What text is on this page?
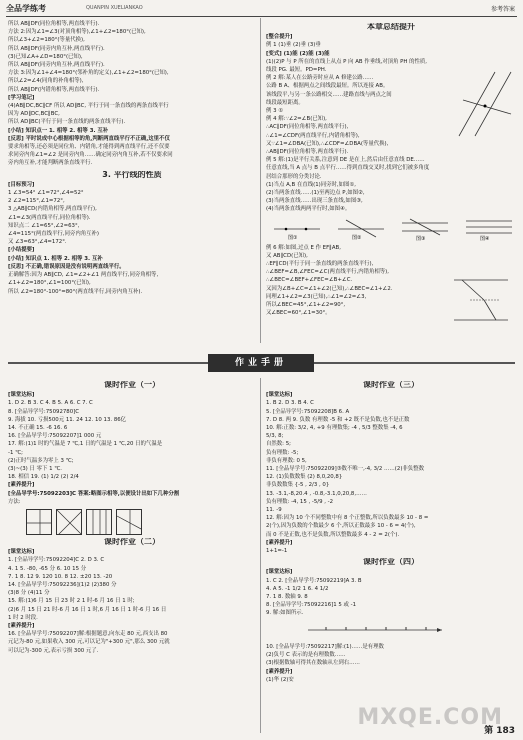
全品学练考	QUANPIN XUELIANKAO	参考答案

所以 AB∥DF(同位角相等,两直线平行).

方法 2:因为∠1=∠3(对顶角相等),∠1+∠2=180°(已知),

所以∠3+∠2=180°(等量代换),

所以 AB∥DF(同旁内角互补,两直线平行).

(3)已知∠A+∠D=180°(已知),

所以 AB∥DF(同旁内角互补,两直线平行).

方法 3:因为∠1+∠4=180°(邻补角的定义),∠1+∠2=180°(已知),

所以∠2=∠4(同角的补角相等),

所以 AB∥DF(内错角相等,两直线平行).

[学习笔记]

(4)AB∥DC,BC∥CF 所以 AD∥BC, 平行于同一条直线的两条直线平行

因为 AD∥DC,BC∥BC,

所以 AD∥BC(平行于同一条直线的两条直线平行).

[小结] 知识点一 1. 相等 2. 相等 3. 互补

[反思] 平时说成中心根据相等的角,判断两直线平行不正确,这里不仅

要求角相等,还必须是同位角、内错角,才能得到两直线平行,还不仅要

求同旁内角∠1=∠2 是同旁内角……确定同旁内角互补,若不仅要求同

旁内角互补,才能判断两条直线平行.

3. 平行线的性质

[目标预习]

1 ∠3=54° ∠1=72°,∠4=52°

2 ∠2=115°,∠1=72°,

3 △AB∥CD(内错角相等,两直线平行),

∠1=∠3(两直线平行,同位角相等).

知识点二 ∠1=65°,∠2=63°,

∠4=115°(两直线平行,同旁内角互补)

又 ∠3=63°,∠4=172°.

[小结提要]

[小结] 知识点 1. 相等 2. 相等 3. 互补

[反思] 不正确,错误原因是没有说明两直线平行。

正确解答:因为 AB∥CD, ∠1=∠2+∠1 两直线平行,同旁角相等,

∠1+∠2=180°,∠1=100°(已知),

所以 ∠2=180°-100°=80°(两直线平行,同旁内角互补).

本章总结提升

[整合提升]

例 1 (1)垂 (2)垂 (3)垂

[变式] (1)能 (2)能 (3)能

(1)(2)P 与 P 所在的直线上从点 P 向 AB 作垂线,对顶角 PH 的性质,

线段 PG. 最短。PD=PH.

例 2 解:某人在公路旁时应从 A 修建公路……

公路 B A、根据两点之间线段最短。所以连接 AB。

该线段平,与另一条公路相交……建路直线与两点之间

线段最短距离。

例 3 ①

例 4 解:∵∠2=∠B(已知),

∴AC∥DF(同位角相等,两直线平行),

∴∠1=∠CDF(两直线平行,内错角相等),

又∵∠1=∠DBA(已知),∴∠CDF=∠DBA(等量代换),

∴AB∥DF(同位角相等,两直线平行).

例 5 解:(1)是平行关系,注意到 DE 是在上,然后由任意直线 DE……

任意直线,当 A 点与 B 点平行……得到直线交叉时,找到它们被多角度

居结合那形的分类讨论.

(1)当点 A,B 在直线(1)同旁时,如图①,

(2)当两条直线……(1)至两边点 P,如图②,

(3)当两条直线……出现三条直线,如图③,

(4)当两条直线两两平行时,如图④。

图①	图②	图③	图④

例 6 解:如图,过点 E 作 EF∥AB,

又 AB∥CD(已知),

∴EF∥CD(平行于同一条直线的两条直线平行),

∴∠BEF=∠B,∠FEC=∠C(两直线平行,内错角相等),

∴∠BEC=∠BEF+∠FEC=∠B+∠C.

又因为∠B+∠C=∠1+∠2(已知),∴∠BEC=∠1+∠2.

同理∠1+∠2=∠3(已知),∴∠1=∠2=∠3,

所以∠BEC=45°,∠1+∠2=90°,

又∠BEC=60°,∠1=30°。

作业手册

课时作业（一）

[课堂达标]

1. D 2. B 3. C 4. B 5. A 6. C 7. C

8. [全品导学号:75092780]C

9. 海拔 10. 亏损500元 11. 24 12. 10 13. 86亿

14. 不正确 15. -6 16. 6

16. [全品导学号:75092207]1 000 元

17. 解:(1)1 时的气温是 7 ℃,1 日的气温是 1 ℃,20 日的气温是

-1 ℃;

(2)正时气温多为零上 3 ℃;

(3)~(3) 日 零下 1 ℃.

18. 相信 19. (1) 1/2 (2) 2/4

[素养提升]

[全品导学号:75092203]C 答案:略图示相等,以便设计出如下几种分割

方法:

课时作业（二）

[课堂达标]

1. [全品导学号:75092204]C 2. D 3. C

4. 1 5. -80, -65 分 6. 10 15 分

7. 1 8. 12 9. 120 10. 8 12. ±20 13. -20

14. [全品导学号:75092236](1)2 (2)380 分

(3)8 分 (4)11 分

15. 解:(1)6 月 15 日 23 时 2 1 时-6 月 16 日 1 时;

(2)6 月 15 日 21 时-6 月 16 日 1 时,6 月 16 日 1 时-6 月 16 日

1 时 2 时段.

[素养提升]

16. [全品导学号:75092207]解:根据题意,向东走 80 元,西支出 80

元记为-80 元,如果收入 300 元,可以记为"+300 元",那么 300 元就

可以记为-300 元,表示亏损 300 元了.

课时作业（三）

[课堂达标]

1. B 2. D 3. B 4. C

5. [全品导学号:75092208]B 6. A

7. D 8. 两 9. 负数 有理数 -5 和 +2 既不是负数,也不是正数

10. 解:正数: 3/2, 4, +9 有理数集; -4 , 5/3 整数集 -4, 6

5/3, 8;

自然数: 5;

负有理数: -5;

非负有理数: 0 5,

11. [全品导学号:75092209]③数不唯一,-4, 3/2 ……(2)非负整数

12. (1)负数数集 (2) 8,0,20,8}

非负数数集 {-5 , 2/3 , 0}

13. -3.1,-8,20.4 , -0.8,-3.1,0,20,8,……

负有理数: -4, 15 , -5/9 , -2

11. -9

12. 解:因为 10 个不同整数中有 8 个正整数,所以负数最多 10 - 8 =

2(个),因为负数的个数最少 6 个,所以正数最多 10 - 6 = 4(个),

而 0 不是正数,也不是负数,所以整数最多 4 - 2 = 2(个).

[素养提升]

1+1=-1

课时作业（四）

[课堂达标]

1. C 2. [全品导学号:75092219]A 3. B

4. A 5. -1 1/2 1 6. 4 1/2

7. 1 8. 数轴 9. 8

8. [全品导学号:75092216]1 5 或 -1

9. 解:如图所示.

10. [全品导学号:75092217]解:(1)……是有理数

(2)负号 C 表示的是有理数数……

(3)根据数轴可得其在数轴从左到右……

[素养提升]

(1)华 (2)安

MXQE.COM
第 183
